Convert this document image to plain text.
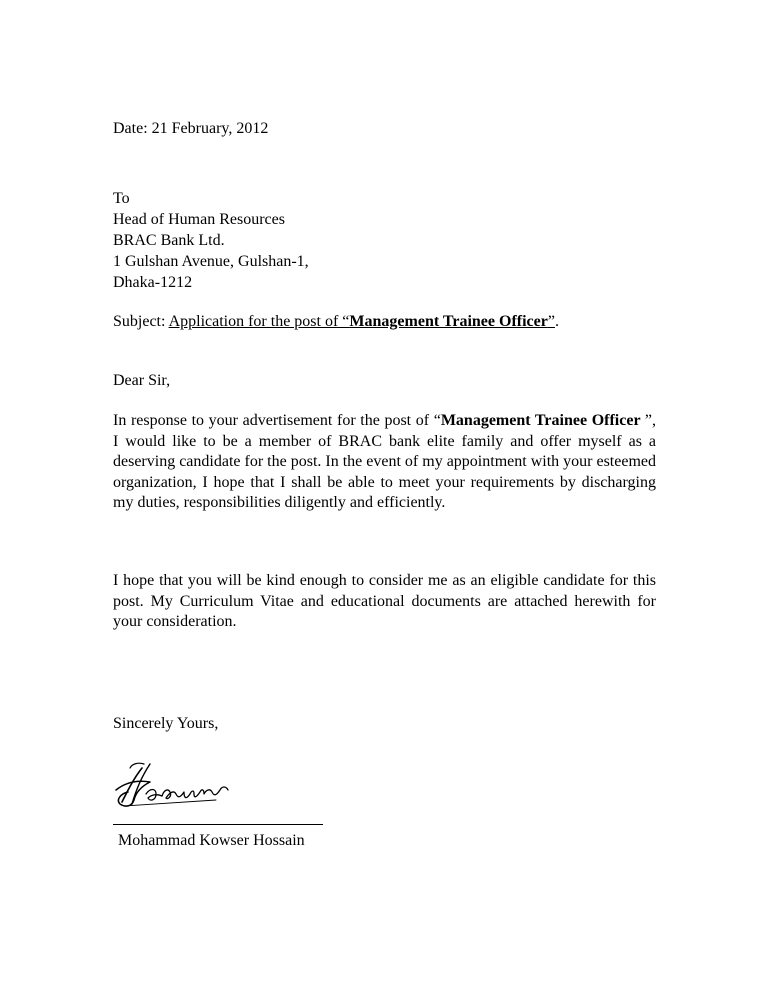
Date: 21 February, 2012
To
Head of Human Resources
BRAC Bank Ltd.
1 Gulshan Avenue, Gulshan-1,
Dhaka-1212
Subject: Application for the post of “Management Trainee Officer”.
Dear Sir,
In response to your advertisement for the post of “Management Trainee Officer ”, I would like to be a member of BRAC bank elite family and offer myself as a deserving candidate for the post. In the event of my appointment with your esteemed organization, I hope that I shall be able to meet your requirements by discharging my duties, responsibilities diligently and efficiently.
I hope that you will be kind enough to consider me as an eligible candidate for this post. My Curriculum Vitae and educational documents are attached herewith for your consideration.
Sincerely Yours,
Mohammad Kowser Hossain
